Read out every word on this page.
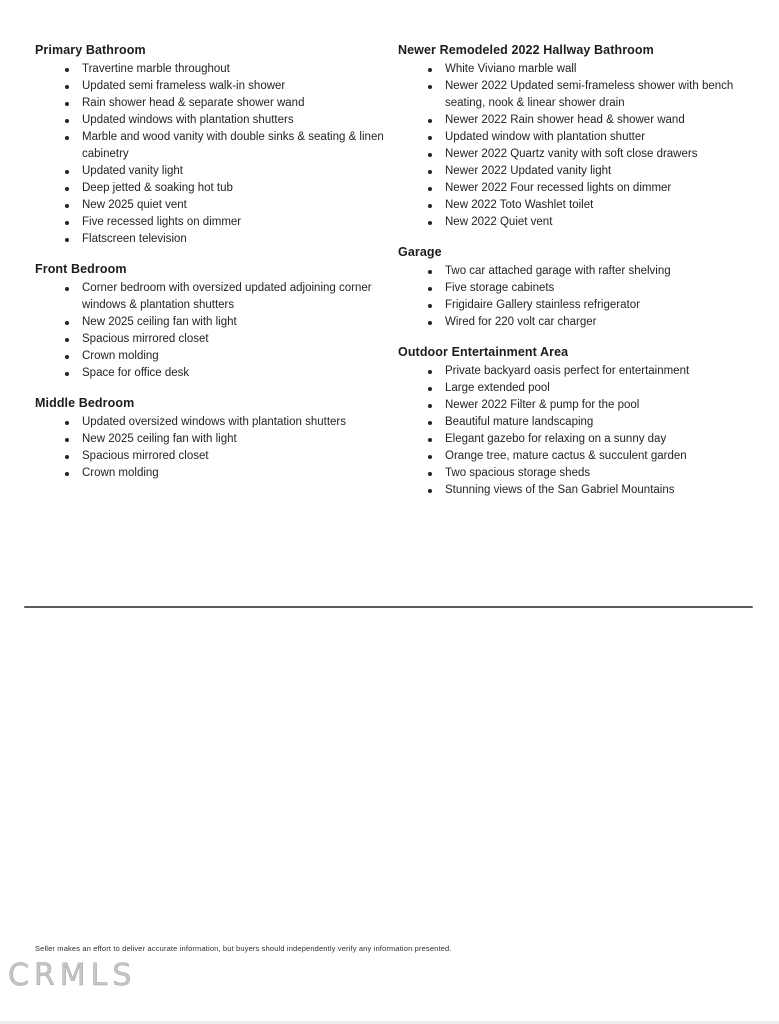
Primary Bathroom
Travertine marble throughout
Updated semi frameless walk-in shower
Rain shower head & separate shower wand
Updated windows with plantation shutters
Marble and wood vanity with double sinks & seating & linen cabinetry
Updated vanity light
Deep jetted & soaking hot tub
New 2025 quiet vent
Five recessed lights on dimmer
Flatscreen television
Front Bedroom
Corner bedroom with oversized updated adjoining corner windows & plantation shutters
New 2025 ceiling fan with light
Spacious mirrored closet
Crown molding
Space for office desk
Middle Bedroom
Updated oversized windows with plantation shutters
New 2025 ceiling fan with light
Spacious mirrored closet
Crown molding
Newer Remodeled 2022 Hallway Bathroom
White Viviano marble wall
Newer 2022 Updated semi-frameless shower with bench seating, nook & linear shower drain
Newer 2022 Rain shower head & shower wand
Updated window with plantation shutter
Newer 2022 Quartz vanity with soft close drawers
Newer 2022 Updated vanity light
Newer 2022 Four recessed lights on dimmer
New 2022 Toto Washlet toilet
New 2022 Quiet vent
Garage
Two car attached garage with rafter shelving
Five storage cabinets
Frigidaire Gallery stainless refrigerator
Wired for 220 volt car charger
Outdoor Entertainment Area
Private backyard oasis perfect for entertainment
Large extended pool
Newer 2022 Filter & pump for the pool
Beautiful mature landscaping
Elegant gazebo for relaxing on a sunny day
Orange tree, mature cactus & succulent garden
Two spacious storage sheds
Stunning views of the San Gabriel Mountains
Seller makes an effort to deliver accurate information, but buyers should independently verify any information presented.
CRMLS
